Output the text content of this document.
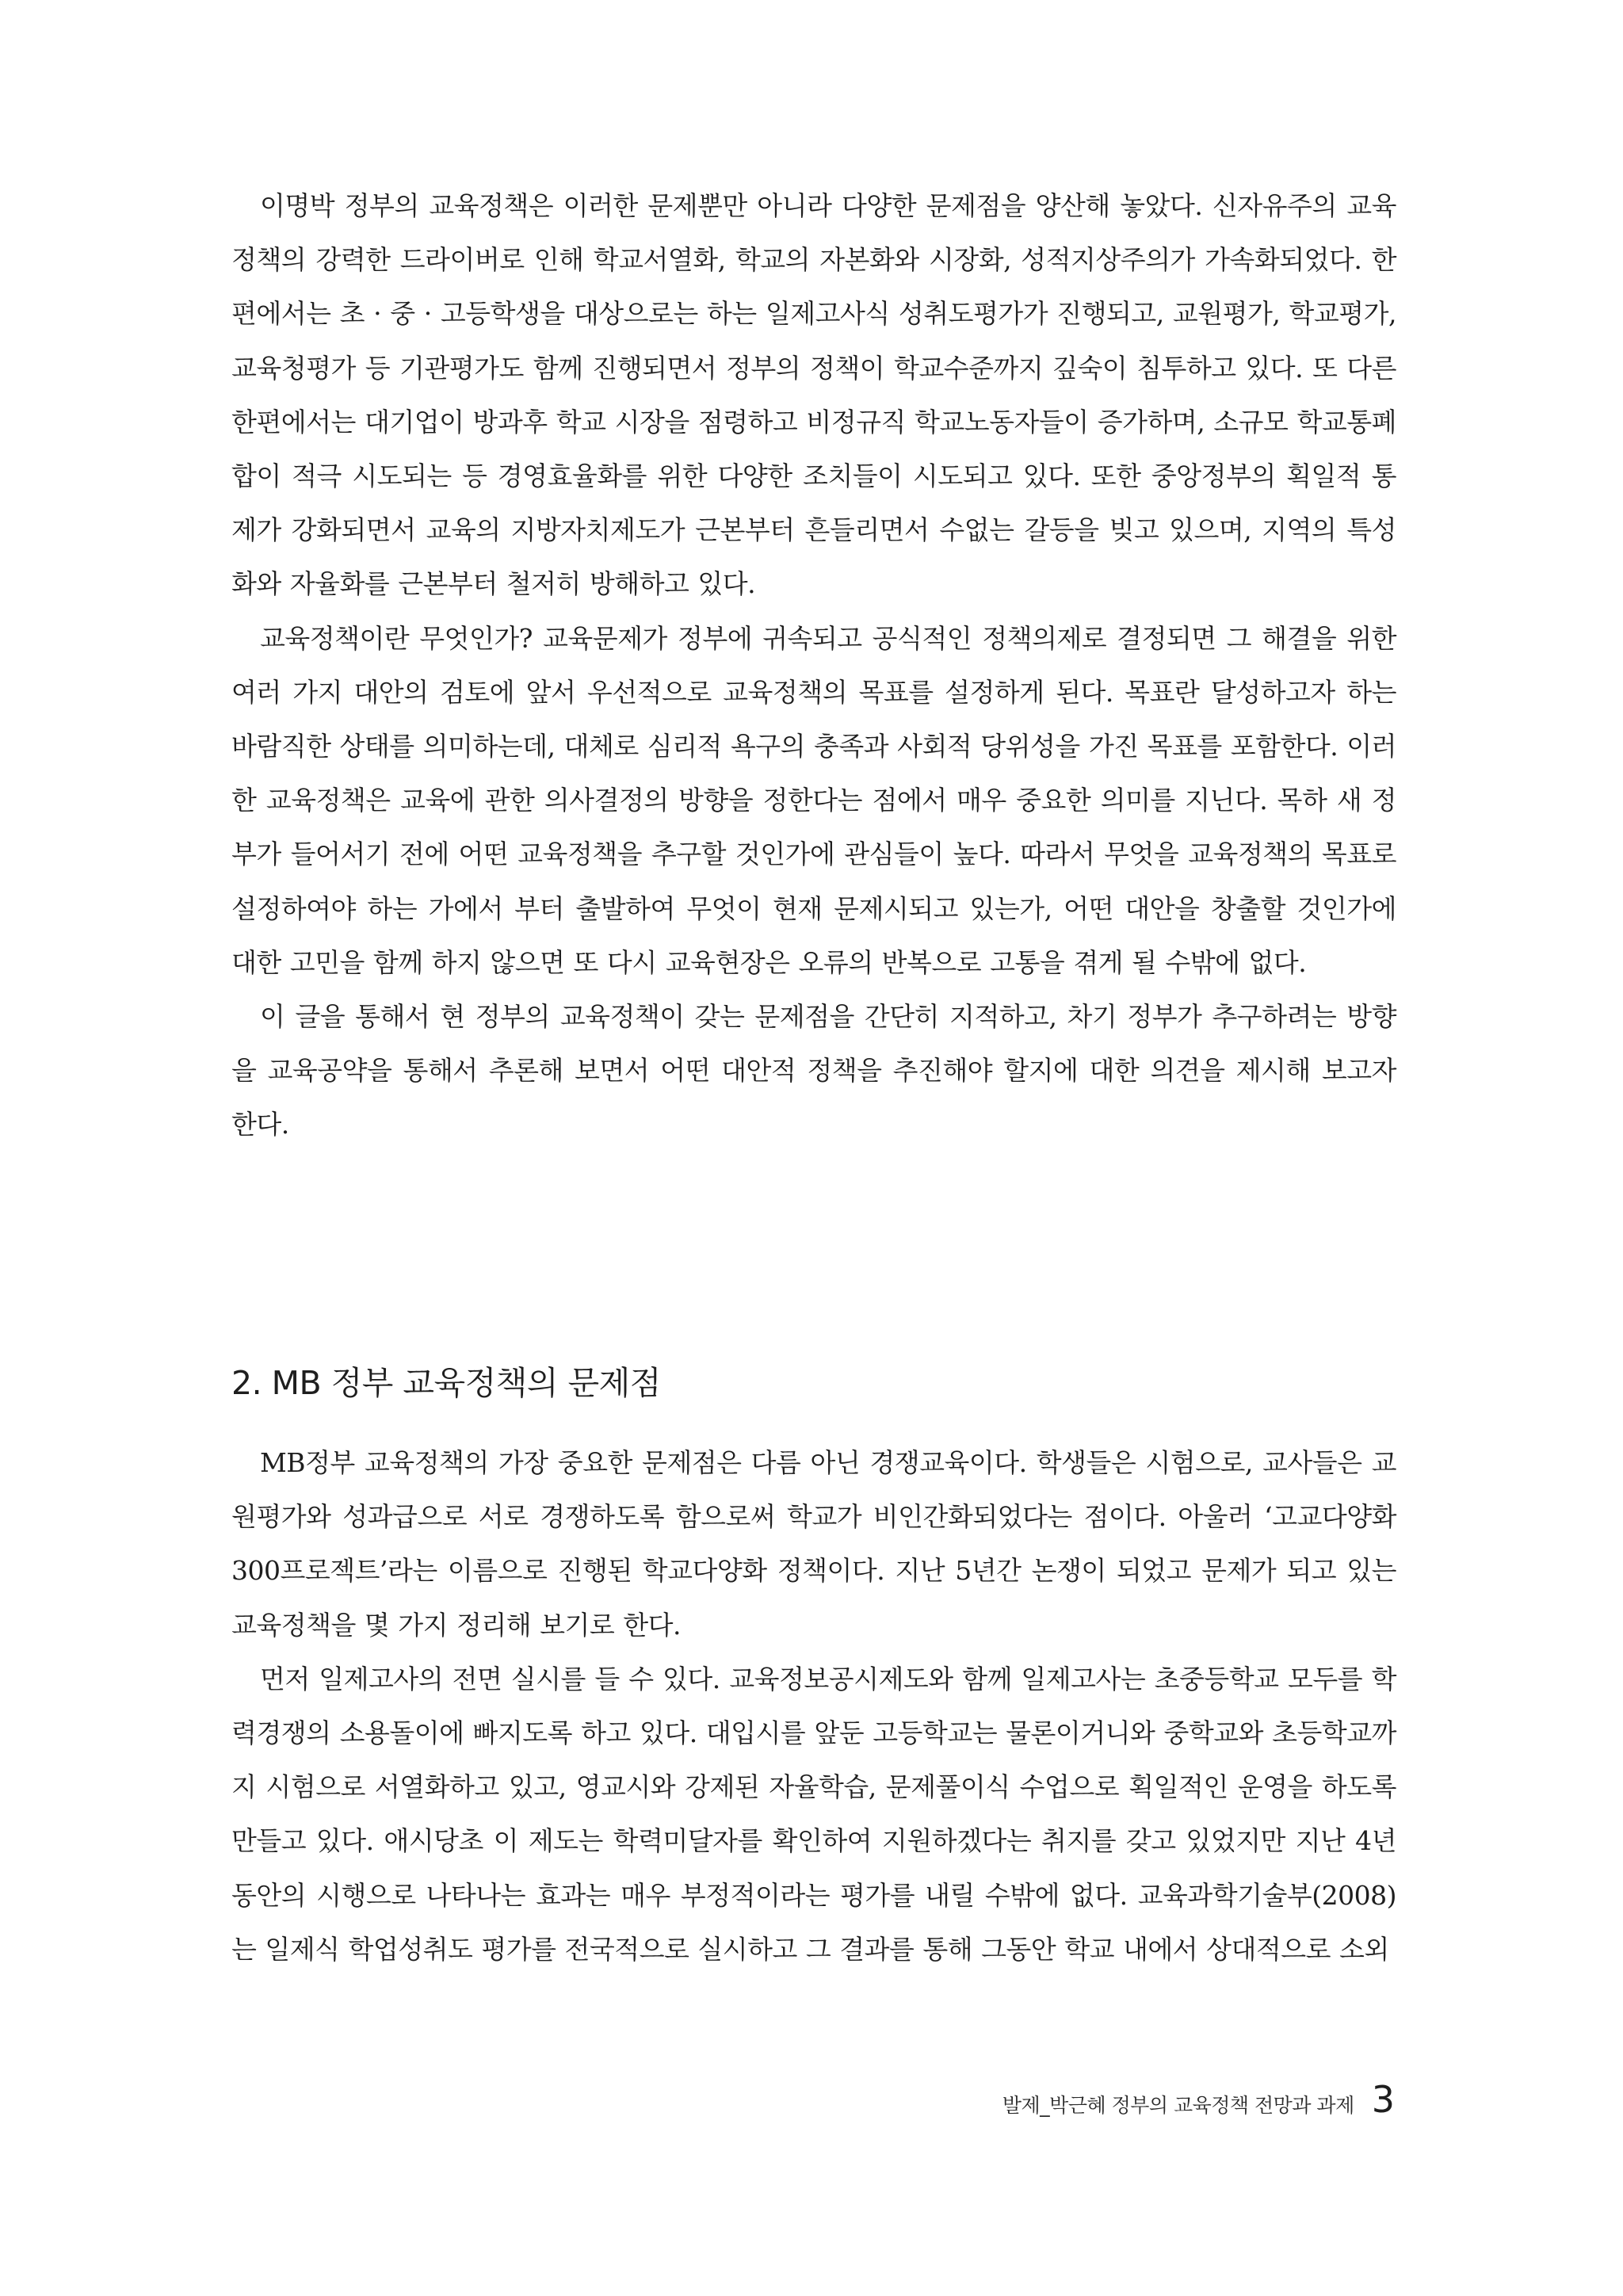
이명박 정부의 교육정책은 이러한 문제뿐만 아니라 다양한 문제점을 양산해 놓았다. 신자유주의 교육정책의 강력한 드라이버로 인해 학교서열화, 학교의 자본화와 시장화, 성적지상주의가 가속화되었다. 한편에서는 초 · 중 · 고등학생을 대상으로는 하는 일제고사식 성취도평가가 진행되고, 교원평가, 학교평가, 교육청평가 등 기관평가도 함께 진행되면서 정부의 정책이 학교수준까지 깊숙이 침투하고 있다. 또 다른 한편에서는 대기업이 방과후 학교 시장을 점령하고 비정규직 학교노동자들이 증가하며, 소규모 학교통폐합이 적극 시도되는 등 경영효율화를 위한 다양한 조치들이 시도되고 있다. 또한 중앙정부의 획일적 통제가 강화되면서 교육의 지방자치제도가 근본부터 흔들리면서 수없는 갈등을 빚고 있으며, 지역의 특성화와 자율화를 근본부터 철저히 방해하고 있다.

교육정책이란 무엇인가? 교육문제가 정부에 귀속되고 공식적인 정책의제로 결정되면 그 해결을 위한 여러 가지 대안의 검토에 앞서 우선적으로 교육정책의 목표를 설정하게 된다. 목표란 달성하고자 하는 바람직한 상태를 의미하는데, 대체로 심리적 욕구의 충족과 사회적 당위성을 가진 목표를 포함한다. 이러한 교육정책은 교육에 관한 의사결정의 방향을 정한다는 점에서 매우 중요한 의미를 지닌다. 목하 새 정부가 들어서기 전에 어떤 교육정책을 추구할 것인가에 관심들이 높다. 따라서 무엇을 교육정책의 목표로 설정하여야 하는 가에서 부터 출발하여 무엇이 현재 문제시되고 있는가, 어떤 대안을 창출할 것인가에 대한 고민을 함께 하지 않으면 또 다시 교육현장은 오류의 반복으로 고통을 겪게 될 수밖에 없다.

이 글을 통해서 현 정부의 교육정책이 갖는 문제점을 간단히 지적하고, 차기 정부가 추구하려는 방향을 교육공약을 통해서 추론해 보면서 어떤 대안적 정책을 추진해야 할지에 대한 의견을 제시해 보고자 한다.

2. MB 정부 교육정책의 문제점

MB정부 교육정책의 가장 중요한 문제점은 다름 아닌 경쟁교육이다. 학생들은 시험으로, 교사들은 교원평가와 성과급으로 서로 경쟁하도록 함으로써 학교가 비인간화되었다는 점이다. 아울러 ‘고교다양화300프로젝트’라는 이름으로 진행된 학교다양화 정책이다. 지난 5년간 논쟁이 되었고 문제가 되고 있는 교육정책을 몇 가지 정리해 보기로 한다.

먼저 일제고사의 전면 실시를 들 수 있다. 교육정보공시제도와 함께 일제고사는 초중등학교 모두를 학력경쟁의 소용돌이에 빠지도록 하고 있다. 대입시를 앞둔 고등학교는 물론이거니와 중학교와 초등학교까지 시험으로 서열화하고 있고, 영교시와 강제된 자율학습, 문제풀이식 수업으로 획일적인 운영을 하도록 만들고 있다. 애시당초 이 제도는 학력미달자를 확인하여 지원하겠다는 취지를 갖고 있었지만 지난 4년 동안의 시행으로 나타나는 효과는 매우 부정적이라는 평가를 내릴 수밖에 없다. 교육과학기술부(2008)는 일제식 학업성취도 평가를 전국적으로 실시하고 그 결과를 통해 그동안 학교 내에서 상대적으로 소외

발제_박근혜 정부의 교육정책 전망과 과제 3
